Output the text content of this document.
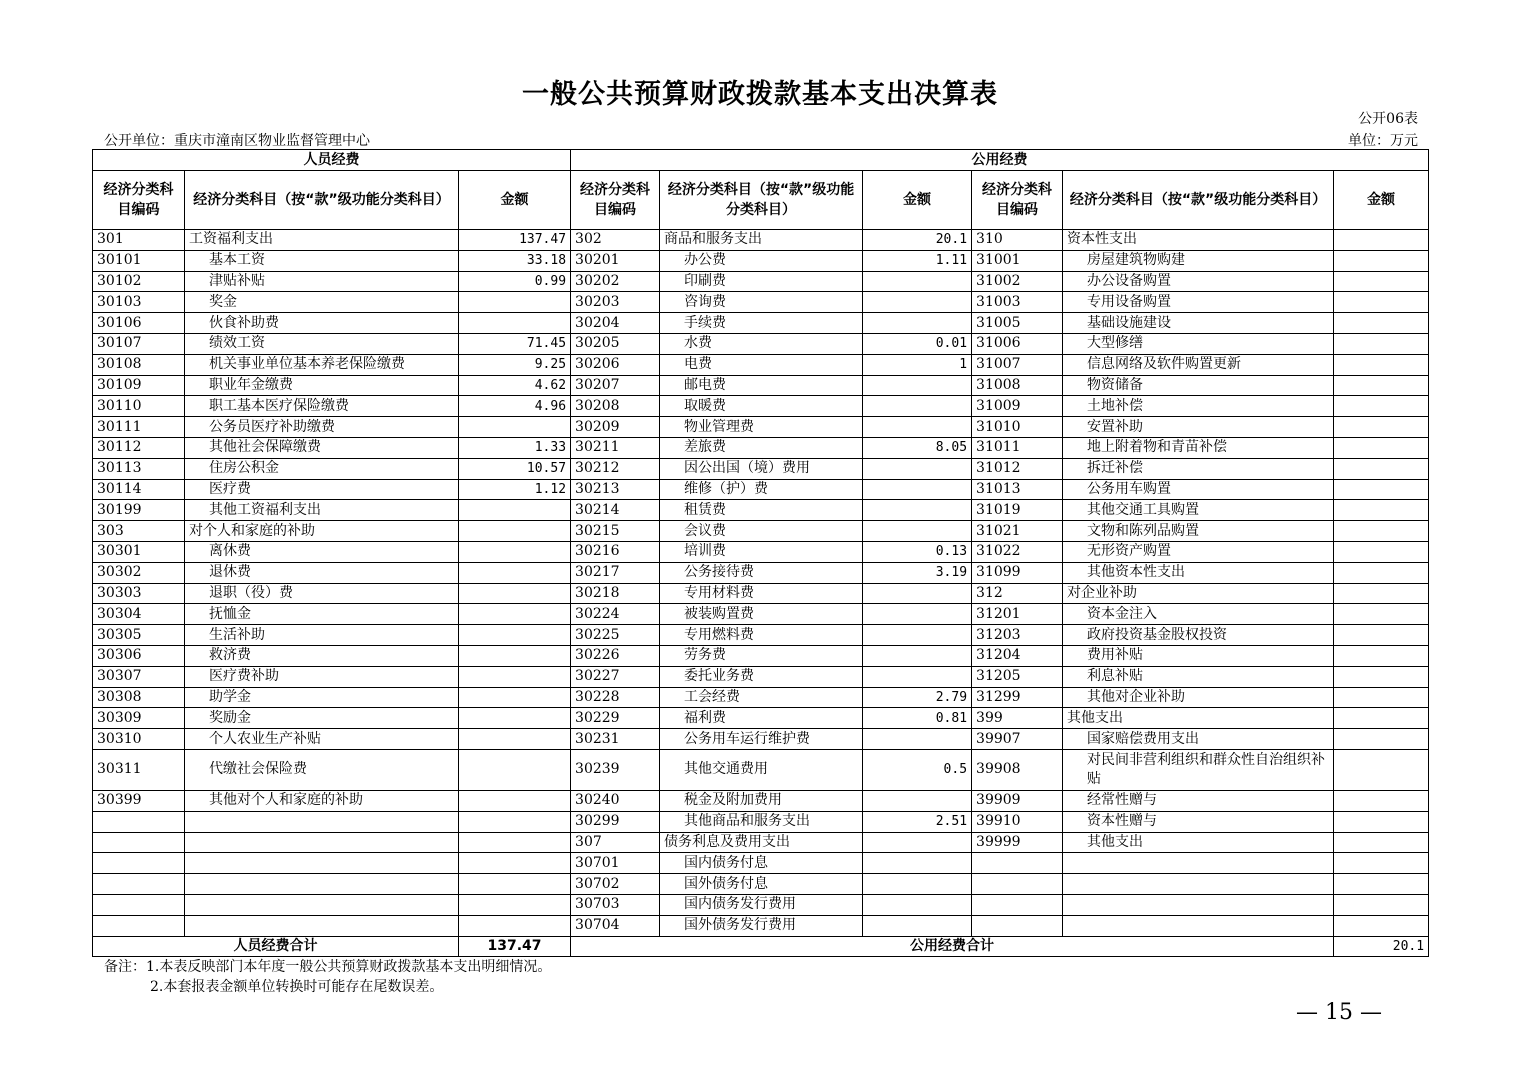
一般公共预算财政拨款基本支出决算表
公开06表
公开单位：重庆市潼南区物业监督管理中心	单位：万元
人员经费			公用经费					
经济分类科目编码	经济分类科目（按“款”级功能分类科目）	金额	经济分类科目编码	经济分类科目（按“款”级功能分类科目）	金额	经济分类科目编码	经济分类科目（按“款”级功能分类科目）	金额
301	工资福利支出	137.47	302	商品和服务支出	20.1	310	资本性支出	
30101	基本工资	33.18	30201	办公费	1.11	31001	房屋建筑物购建	
30102	津贴补贴	0.99	30202	印刷费		31002	办公设备购置	
30103	奖金		30203	咨询费		31003	专用设备购置	
30106	伙食补助费		30204	手续费		31005	基础设施建设	
30107	绩效工资	71.45	30205	水费	0.01	31006	大型修缮	
30108	机关事业单位基本养老保险缴费	9.25	30206	电费	1	31007	信息网络及软件购置更新	
30109	职业年金缴费	4.62	30207	邮电费		31008	物资储备	
30110	职工基本医疗保险缴费	4.96	30208	取暖费		31009	土地补偿	
30111	公务员医疗补助缴费		30209	物业管理费		31010	安置补助	
30112	其他社会保障缴费	1.33	30211	差旅费	8.05	31011	地上附着物和青苗补偿	
30113	住房公积金	10.57	30212	因公出国（境）费用		31012	拆迁补偿	
30114	医疗费	1.12	30213	维修（护）费		31013	公务用车购置	
30199	其他工资福利支出		30214	租赁费		31019	其他交通工具购置	
303	对个人和家庭的补助		30215	会议费		31021	文物和陈列品购置	
30301	离休费		30216	培训费	0.13	31022	无形资产购置	
30302	退休费		30217	公务接待费	3.19	31099	其他资本性支出	
30303	退职（役）费		30218	专用材料费		312	对企业补助	
30304	抚恤金		30224	被装购置费		31201	资本金注入	
30305	生活补助		30225	专用燃料费		31203	政府投资基金股权投资	
30306	救济费		30226	劳务费		31204	费用补贴	
30307	医疗费补助		30227	委托业务费		31205	利息补贴	
30308	助学金		30228	工会经费	2.79	31299	其他对企业补助	
30309	奖励金		30229	福利费	0.81	399	其他支出	
30310	个人农业生产补贴		30231	公务用车运行维护费		39907	国家赔偿费用支出	
30311	代缴社会保险费		30239	其他交通费用	0.5	39908	对民间非营利组织和群众性自治组织补贴	
30399	其他对个人和家庭的补助		30240	税金及附加费用		39909	经常性赠与	
			30299	其他商品和服务支出	2.51	39910	资本性赠与	
			307	债务利息及费用支出		39999	其他支出	
			30701	国内债务付息				
			30702	国外债务付息				
			30703	国内债务发行费用				
			30704	国外债务发行费用				
人员经费合计		137.47	公用经费合计					20.1
备注：1.本表反映部门本年度一般公共预算财政拨款基本支出明细情况。
2.本套报表金额单位转换时可能存在尾数误差。
— 15 —
